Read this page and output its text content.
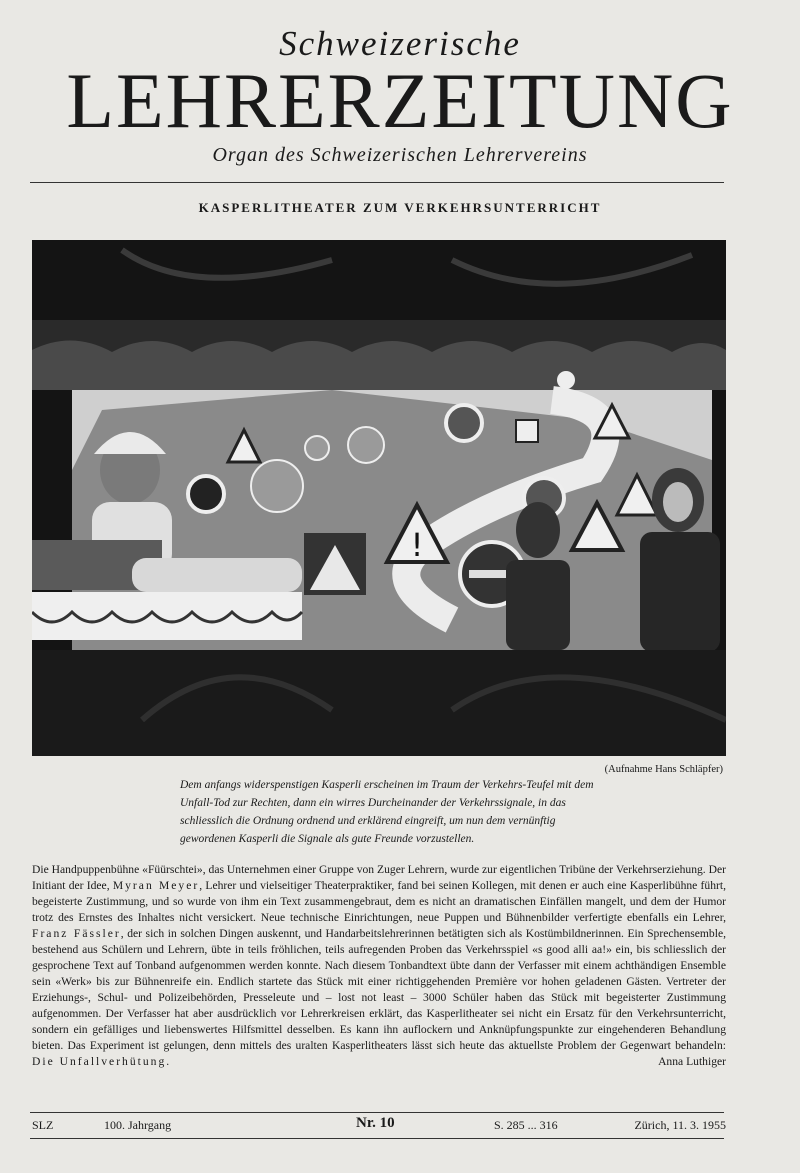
Schweizerische
LEHRERZEITUNG
Organ des Schweizerischen Lehrervereins
KASPERLITHEATER ZUM VERKEHRSUNTERRICHT
!
(Aufnahme Hans Schläpfer)
Dem anfangs widerspenstigen Kasperli erscheinen im Traum der Verkehrs-Teufel mit dem Unfall-Tod zur Rechten, dann ein wirres Durcheinander der Verkehrssignale, in das schliesslich die Ordnung ordnend und erklärend eingreift, um nun dem vernünftig gewordenen Kasperli die Signale als gute Freunde vorzustellen.
Die Handpuppenbühne «Füürschtei», das Unternehmen einer Gruppe von Zuger Lehrern, wurde zur eigentlichen Tribüne der Verkehrserziehung. Der Initiant der Idee, Myran Meyer, Lehrer und vielseitiger Theaterpraktiker, fand bei seinen Kollegen, mit denen er auch eine Kasperlibühne führt, begeisterte Zustimmung, und so wurde von ihm ein Text zusammengebraut, dem es nicht an dramatischen Einfällen mangelt, und dem der Humor trotz des Ernstes des Inhaltes nicht versickert. Neue technische Einrichtungen, neue Puppen und Bühnenbilder verfertigte ebenfalls ein Lehrer, Franz Fässler, der sich in solchen Dingen auskennt, und Handarbeitslehrerinnen betätigten sich als Kostümbildnerinnen. Ein Sprechensemble, bestehend aus Schülern und Lehrern, übte in teils fröhlichen, teils aufregenden Proben das Verkehrsspiel «s good alli aa!» ein, bis schliesslich der gesprochene Text auf Tonband aufgenommen werden konnte. Nach diesem Tonbandtext übte dann der Verfasser mit einem achthändigen Ensemble sein «Werk» bis zur Bühnenreife ein. Endlich startete das Stück mit einer richtiggehenden Première vor hohen geladenen Gästen. Vertreter der Erziehungs-, Schul- und Polizeibehörden, Presseleute und – lost not least – 3000 Schüler haben das Stück mit begeisterter Zustimmung aufgenommen. Der Verfasser hat aber ausdrücklich vor Lehrerkreisen erklärt, das Kasperlitheater sei nicht ein Ersatz für den Verkehrsunterricht, sondern ein gefälliges und liebenswertes Hilfsmittel desselben. Es kann ihn auflockern und Anknüpfungspunkte zur eingehenderen Behandlung bieten. Das Experiment ist gelungen, denn mittels des uralten Kasperlitheaters lässt sich heute das aktuellste Problem der Gegenwart behandeln: Die Unfallverhütung.	Anna Luthiger
SLZ	100. Jahrgang	Nr. 10	S. 285 ... 316	Zürich, 11. 3. 1955
